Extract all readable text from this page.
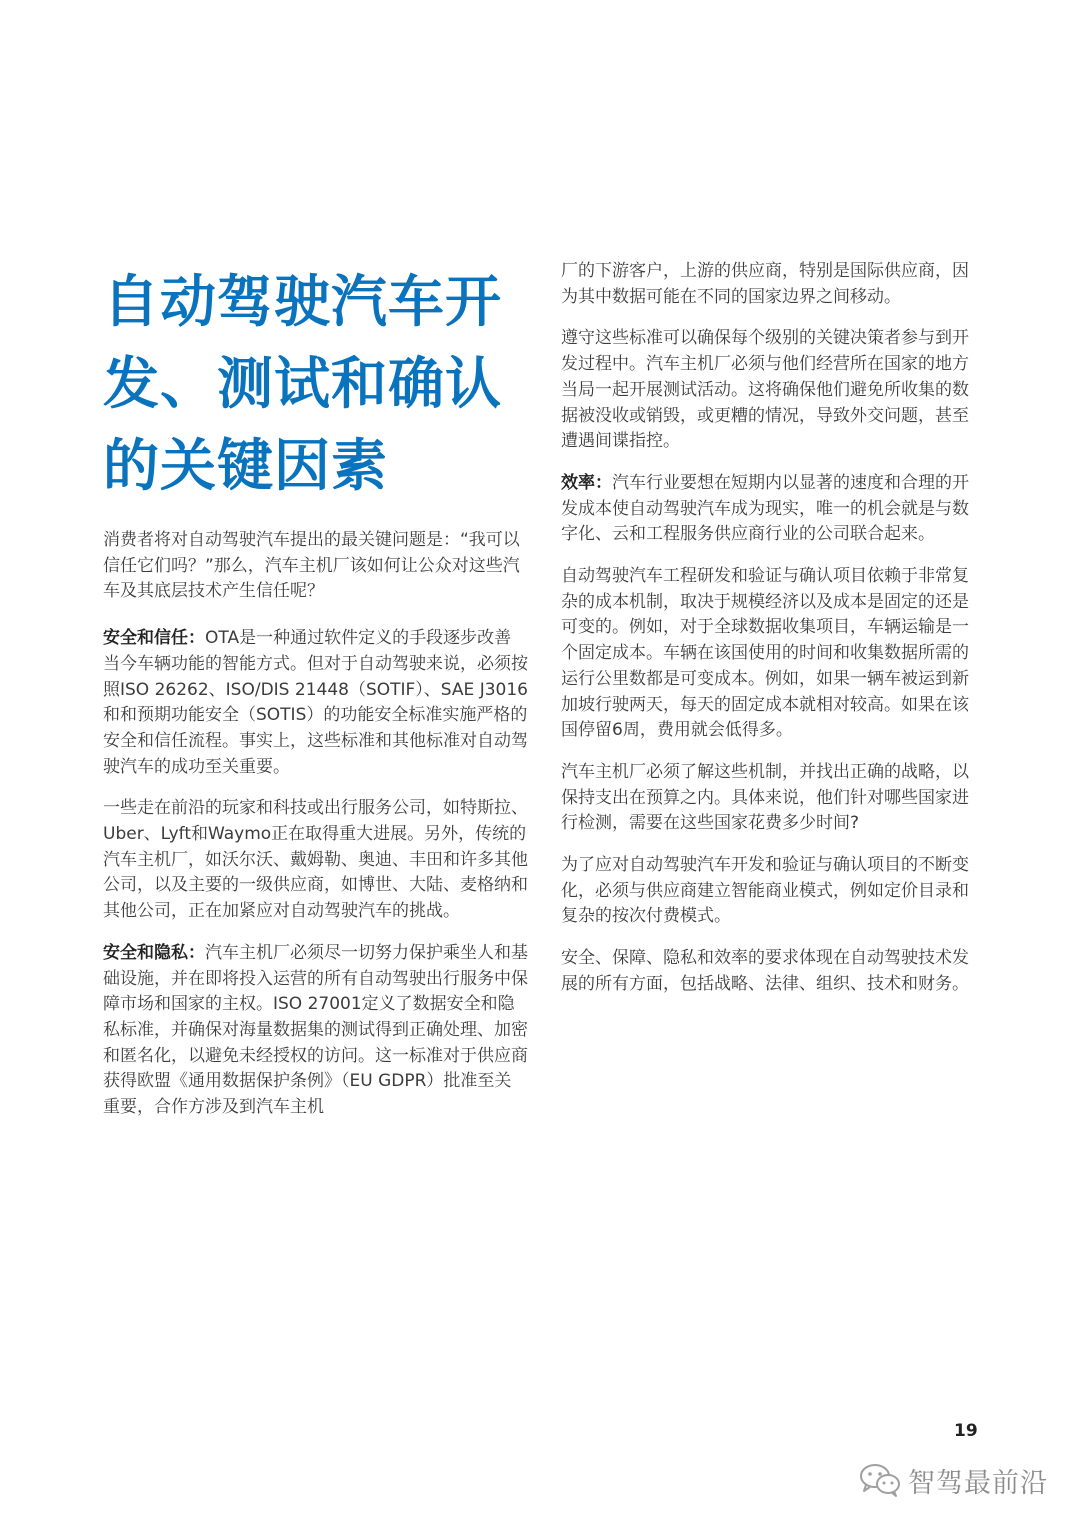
自动驾驶汽车开发、测试和确认的关键因素

消费者将对自动驾驶汽车提出的最关键问题是：“我可以信任它们吗？”那么，汽车主机厂该如何让公众对这些汽车及其底层技术产生信任呢？

安全和信任：OTA是一种通过软件定义的手段逐步改善当今车辆功能的智能方式。但对于自动驾驶来说，必须按照ISO 26262、ISO/DIS 21448（SOTIF）、SAE J3016和和预期功能安全（SOTIS）的功能安全标准实施严格的安全和信任流程。事实上，这些标准和其他标准对自动驾驶汽车的成功至关重要。

一些走在前沿的玩家和科技或出行服务公司，如特斯拉、Uber、Lyft和Waymo正在取得重大进展。另外，传统的汽车主机厂，如沃尔沃、戴姆勒、奥迪、丰田和许多其他公司，以及主要的一级供应商，如博世、大陆、麦格纳和其他公司，正在加紧应对自动驾驶汽车的挑战。

安全和隐私：汽车主机厂必须尽一切努力保护乘坐人和基础设施，并在即将投入运营的所有自动驾驶出行服务中保障市场和国家的主权。ISO 27001定义了数据安全和隐私标准，并确保对海量数据集的测试得到正确处理、加密和匿名化，以避免未经授权的访问。这一标准对于供应商获得欧盟《通用数据保护条例》（EU GDPR）批准至关重要，合作方涉及到汽车主机

厂的下游客户，上游的供应商，特别是国际供应商，因为其中数据可能在不同的国家边界之间移动。

遵守这些标准可以确保每个级别的关键决策者参与到开发过程中。汽车主机厂必须与他们经营所在国家的地方当局一起开展测试活动。这将确保他们避免所收集的数据被没收或销毁，或更糟的情况，导致外交问题，甚至遭遇间谍指控。

效率：汽车行业要想在短期内以显著的速度和合理的开发成本使自动驾驶汽车成为现实，唯一的机会就是与数字化、云和工程服务供应商行业的公司联合起来。

自动驾驶汽车工程研发和验证与确认项目依赖于非常复杂的成本机制，取决于规模经济以及成本是固定的还是可变的。例如，对于全球数据收集项目，车辆运输是一个固定成本。车辆在该国使用的时间和收集数据所需的运行公里数都是可变成本。例如，如果一辆车被运到新加坡行驶两天，每天的固定成本就相对较高。如果在该国停留6周，费用就会低得多。

汽车主机厂必须了解这些机制，并找出正确的战略，以保持支出在预算之内。具体来说，他们针对哪些国家进行检测，需要在这些国家花费多少时间?

为了应对自动驾驶汽车开发和验证与确认项目的不断变化，必须与供应商建立智能商业模式，例如定价目录和复杂的按次付费模式。

安全、保障、隐私和效率的要求体现在自动驾驶技术发展的所有方面，包括战略、法律、组织、技术和财务。

19
智驾最前沿
